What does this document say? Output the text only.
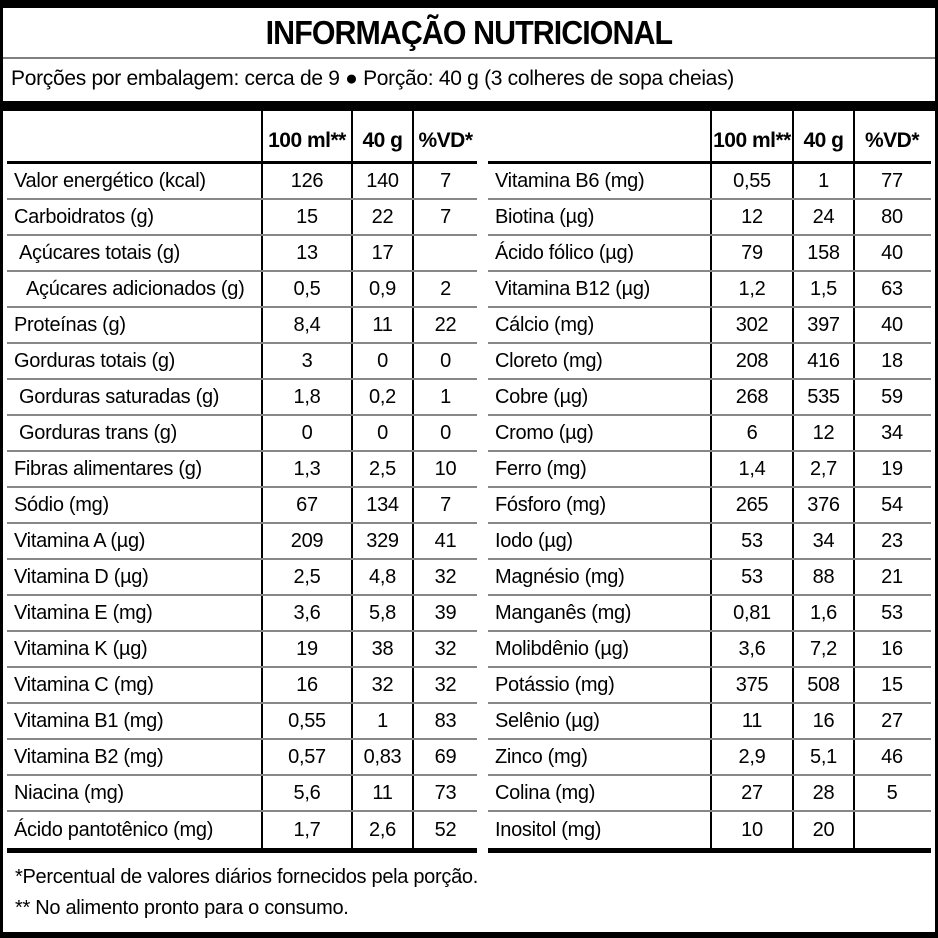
INFORMAÇÃO NUTRICIONAL
Porções por embalagem: cerca de 9 ● Porção: 40 g (3 colheres de sopa cheias)
100 ml** 40 g %VD*
Valor energético (kcal)	126	140	7
Carboidratos (g)	15	22	7
Açúcares totais (g)	13	17
Açúcares adicionados (g)	0,5	0,9	2
Proteínas (g)	8,4	11	22
Gorduras totais (g)	3	0	0
Gorduras saturadas (g)	1,8	0,2	1
Gorduras trans (g)	0	0	0
Fibras alimentares (g)	1,3	2,5	10
Sódio (mg)	67	134	7
Vitamina A (µg)	209	329	41
Vitamina D (µg)	2,5	4,8	32
Vitamina E (mg)	3,6	5,8	39
Vitamina K (µg)	19	38	32
Vitamina C (mg)	16	32	32
Vitamina B1 (mg)	0,55	1	83
Vitamina B2 (mg)	0,57	0,83	69
Niacina (mg)	5,6	11	73
Ácido pantotênico (mg)	1,7	2,6	52
100 ml** 40 g	%VD*
Vitamina B6 (mg)	0,55	1	77
Biotina (µg)	12	24	80
Ácido fólico (µg)	79	158	40
Vitamina B12 (µg)	1,2	1,5	63
Cálcio (mg)	302	397	40
Cloreto (mg)	208	416	18
Cobre (µg)	268	535	59
Cromo (µg)	6	12	34
Ferro (mg)	1,4	2,7	19
Fósforo (mg)	265	376	54
Iodo (µg)	53	34	23
Magnésio (mg)	53	88	21
Manganês (mg)	0,81	1,6	53
Molibdênio (µg)	3,6	7,2	16
Potássio (mg)	375	508	15
Selênio (µg)	11	16	27
Zinco (mg)	2,9	5,1	46
Colina (mg)	27	28	5
Inositol (mg)	10	20
*Percentual de valores diários fornecidos pela porção.
** No alimento pronto para o consumo.
